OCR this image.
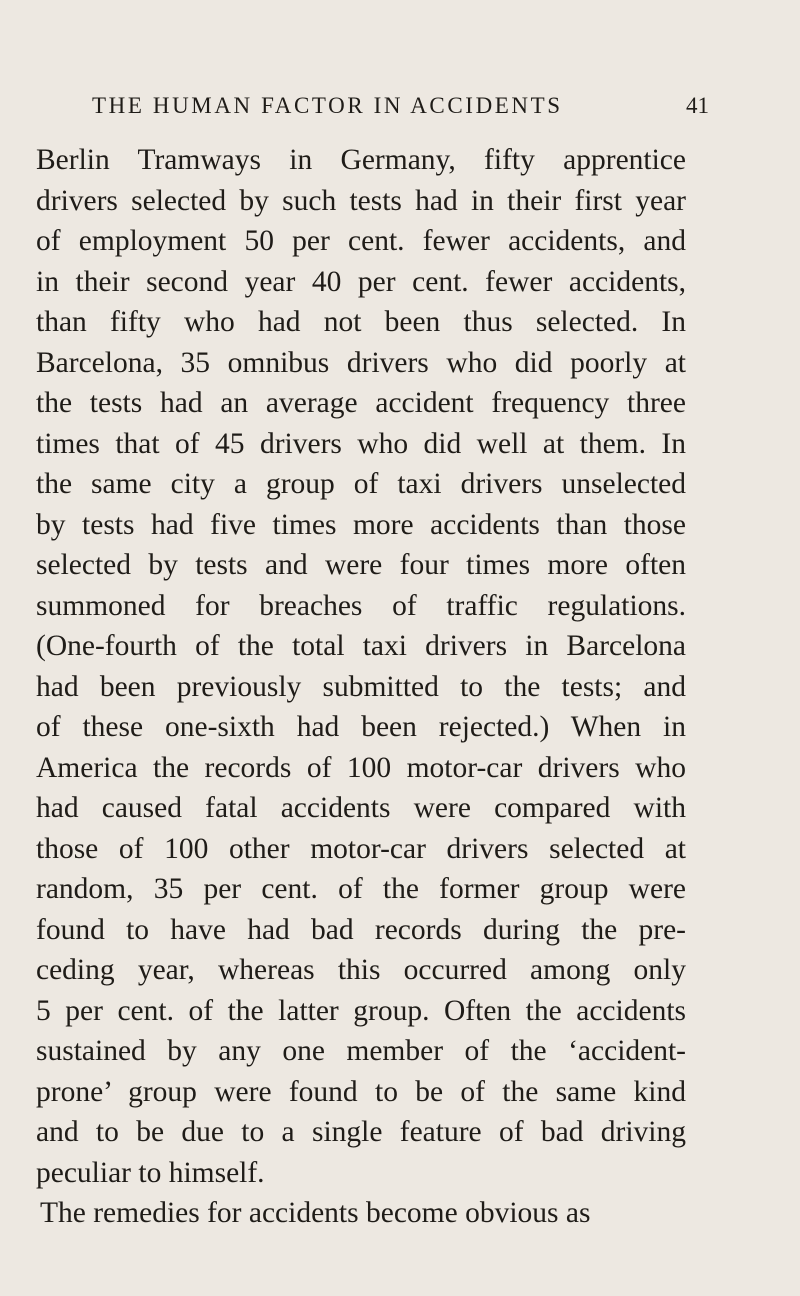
THE HUMAN FACTOR IN ACCIDENTS	41
Berlin Tramways in Germany, fifty apprentice
drivers selected by such tests had in their first year
of employment 50 per cent. fewer accidents, and
in their second year 40 per cent. fewer accidents,
than fifty who had not been thus selected. In
Barcelona, 35 omnibus drivers who did poorly at
the tests had an average accident frequency three
times that of 45 drivers who did well at them. In
the same city a group of taxi drivers unselected
by tests had five times more accidents than those
selected by tests and were four times more often
summoned for breaches of traffic regulations.
(One-fourth of the total taxi drivers in Barcelona
had been previously submitted to the tests; and
of these one-sixth had been rejected.) When in
America the records of 100 motor-car drivers who
had caused fatal accidents were compared with
those of 100 other motor-car drivers selected at
random, 35 per cent. of the former group were
found to have had bad records during the pre-
ceding year, whereas this occurred among only
5 per cent. of the latter group. Often the accidents
sustained by any one member of the ‘accident-
prone’ group were found to be of the same kind
and to be due to a single feature of bad driving
peculiar to himself.
The remedies for accidents become obvious as
